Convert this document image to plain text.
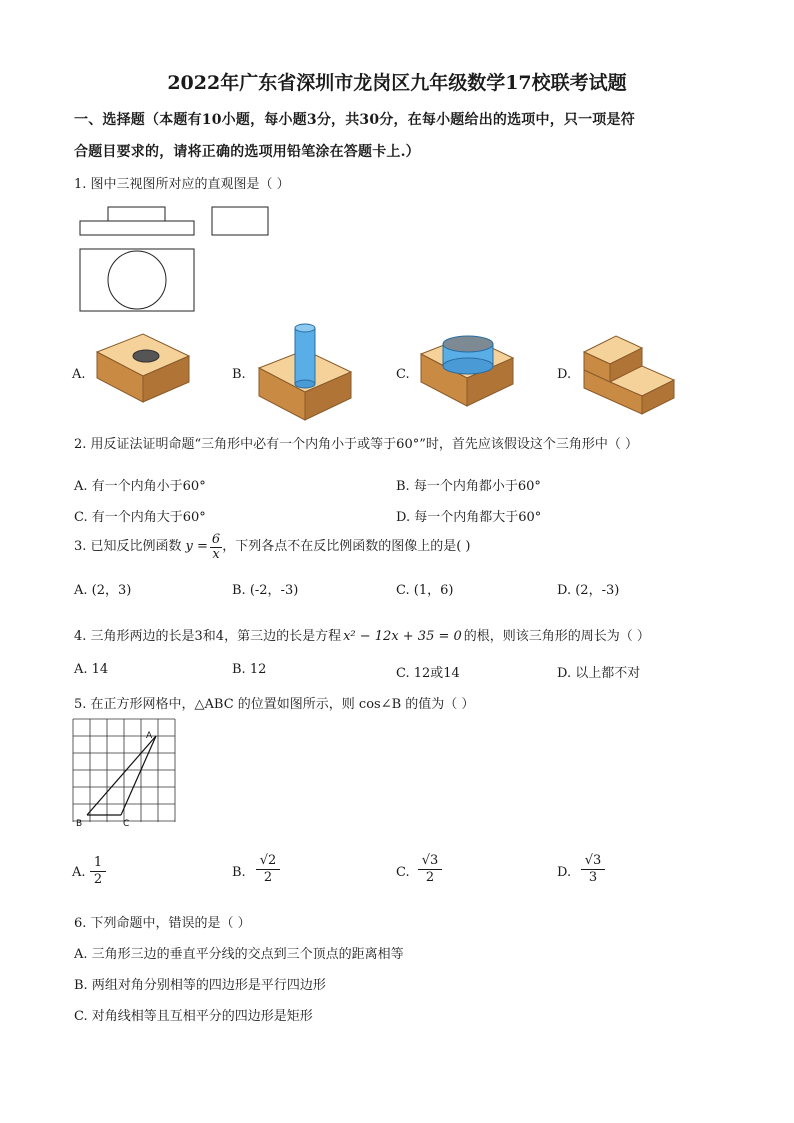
2022年广东省深圳市龙岗区九年级数学17校联考试题
一、选择题（本题有10小题，每小题3分，共30分，在每小题给出的选项中，只一项是符
合题目要求的，请将正确的选项用铅笔涂在答题卡上.）
1. 图中三视图所对应的直观图是（ ）
A.	B.	C.	D.
2. 用反证法证明命题“三角形中必有一个内角小于或等于60°”时，首先应该假设这个三角形中（ ）
A. 有一个内角小于60°	B. 每一个内角都小于60°
C. 有一个内角大于60°	D. 每一个内角都大于60°
3. 已知反比例函数 $y = \frac{6}{x}$ ，下列各点不在反比例函数的图像上的是( )
A. (2，3)	B. (-2，-3)	C. (1，6)	D. (2，-3)
4. 三角形两边的长是3和4，第三边的长是方程 x² − 12x + 35 = 0 的根，则该三角形的周长为（ ）
A. 14	B. 12	C. 12或14	D. 以上都不对
5. 在正方形网格中，△ABC 的位置如图所示，则 cos∠B 的值为（ ）
A
B	C
A. $\frac{1}{2}$	B. $\frac{√2}{2}$	C. $\frac{√3}{2}$	D. $\frac{√3}{3}$
6. 下列命题中，错误的是（ ）
A. 三角形三边的垂直平分线的交点到三个顶点的距离相等
B. 两组对角分别相等的四边形是平行四边形
C. 对角线相等且互相平分的四边形是矩形
